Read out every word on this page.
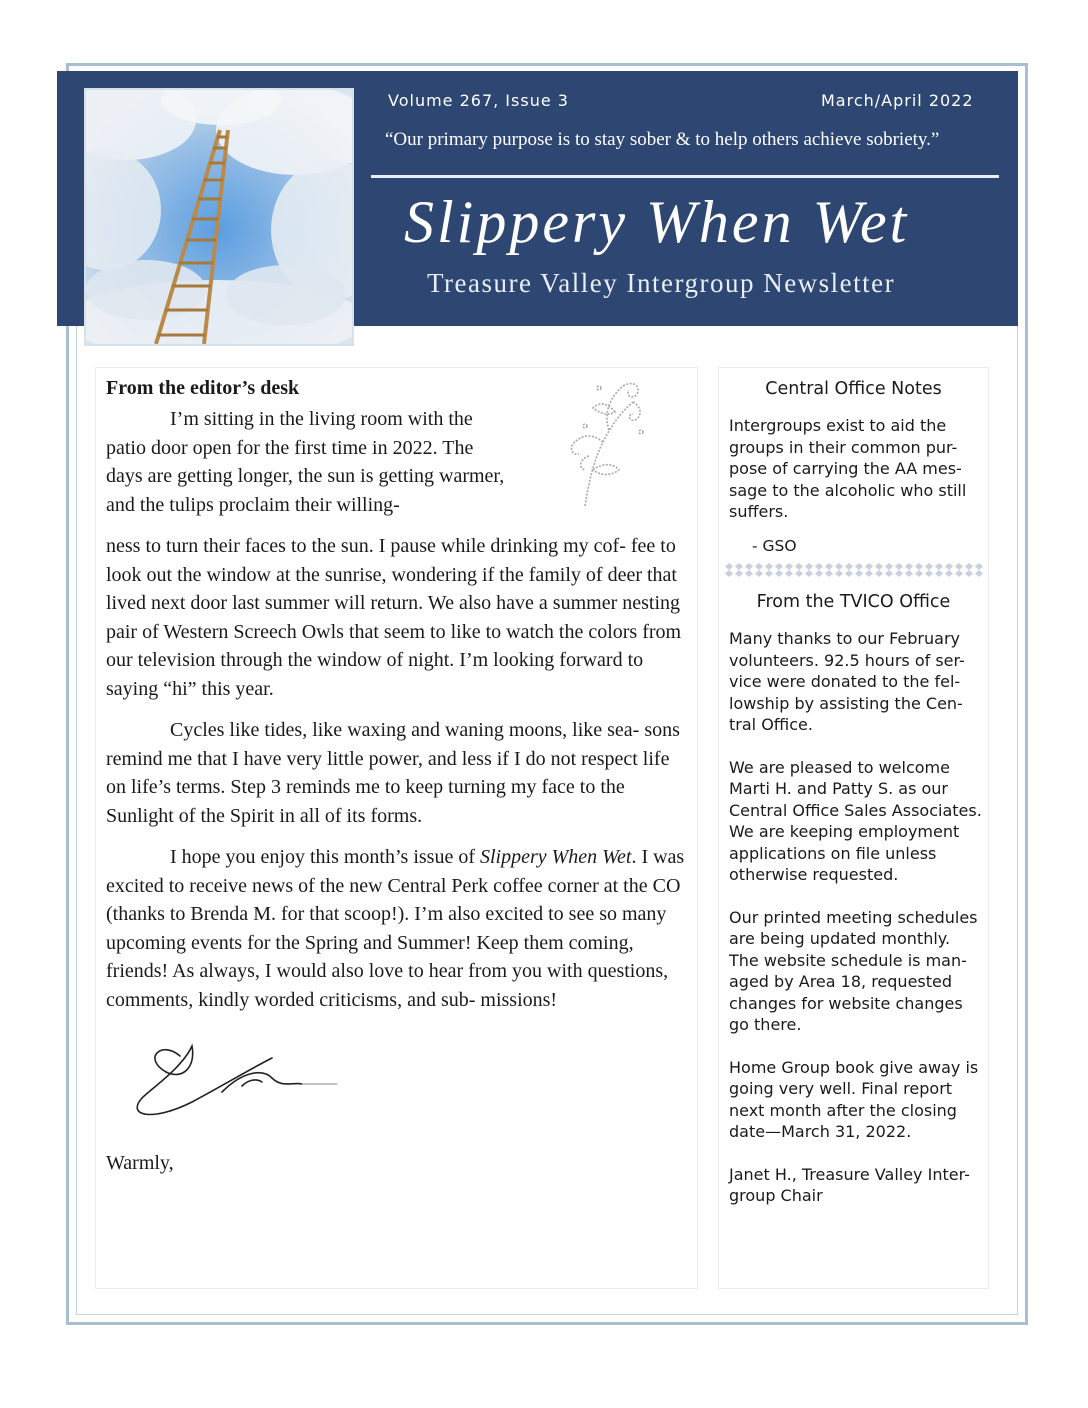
Volume 267, Issue 3	March/April 2022
“Our primary purpose is to stay sober & to help others achieve sobriety.”
Slippery When Wet
Treasure Valley Intergroup Newsletter
From the editor’s desk

I’m sitting in the living room with the patio door open for the first time in 2022. The days are getting longer, the sun is getting warmer, and the tulips proclaim their willing-

ness to turn their faces to the sun. I pause while drinking my cof- fee to look out the window at the sunrise, wondering if the family of deer that lived next door last summer will return. We also have a summer nesting pair of Western Screech Owls that seem to like to watch the colors from our television through the window of night. I’m looking forward to saying “hi” this year.

Cycles like tides, like waxing and waning moons, like sea- sons remind me that I have very little power, and less if I do not respect life on life’s terms. Step 3 reminds me to keep turning my face to the Sunlight of the Spirit in all of its forms.

I hope you enjoy this month’s issue of Slippery When Wet. I was excited to receive news of the new Central Perk coffee corner at the CO (thanks to Brenda M. for that scoop!). I’m also excited to see so many upcoming events for the Spring and Summer! Keep them coming, friends! As always, I would also love to hear from you with questions, comments, kindly worded criticisms, and sub- missions!

Warmly,
Central Office Notes
Intergroups exist to aid the groups in their common pur- pose of carrying the AA mes- sage to the alcoholic who still suffers.
- GSO
From the TVICO Office

Many thanks to our February volunteers. 92.5 hours of ser- vice were donated to the fel- lowship by assisting the Cen- tral Office.

We are pleased to welcome Marti H. and Patty S. as our Central Office Sales Associates. We are keeping employment applications on file unless otherwise requested.

Our printed meeting schedules are being updated monthly. The website schedule is man- aged by Area 18, requested changes for website changes go there.

Home Group book give away is going very well. Final report next month after the closing date—March 31, 2022.

Janet H., Treasure Valley Inter- group Chair
